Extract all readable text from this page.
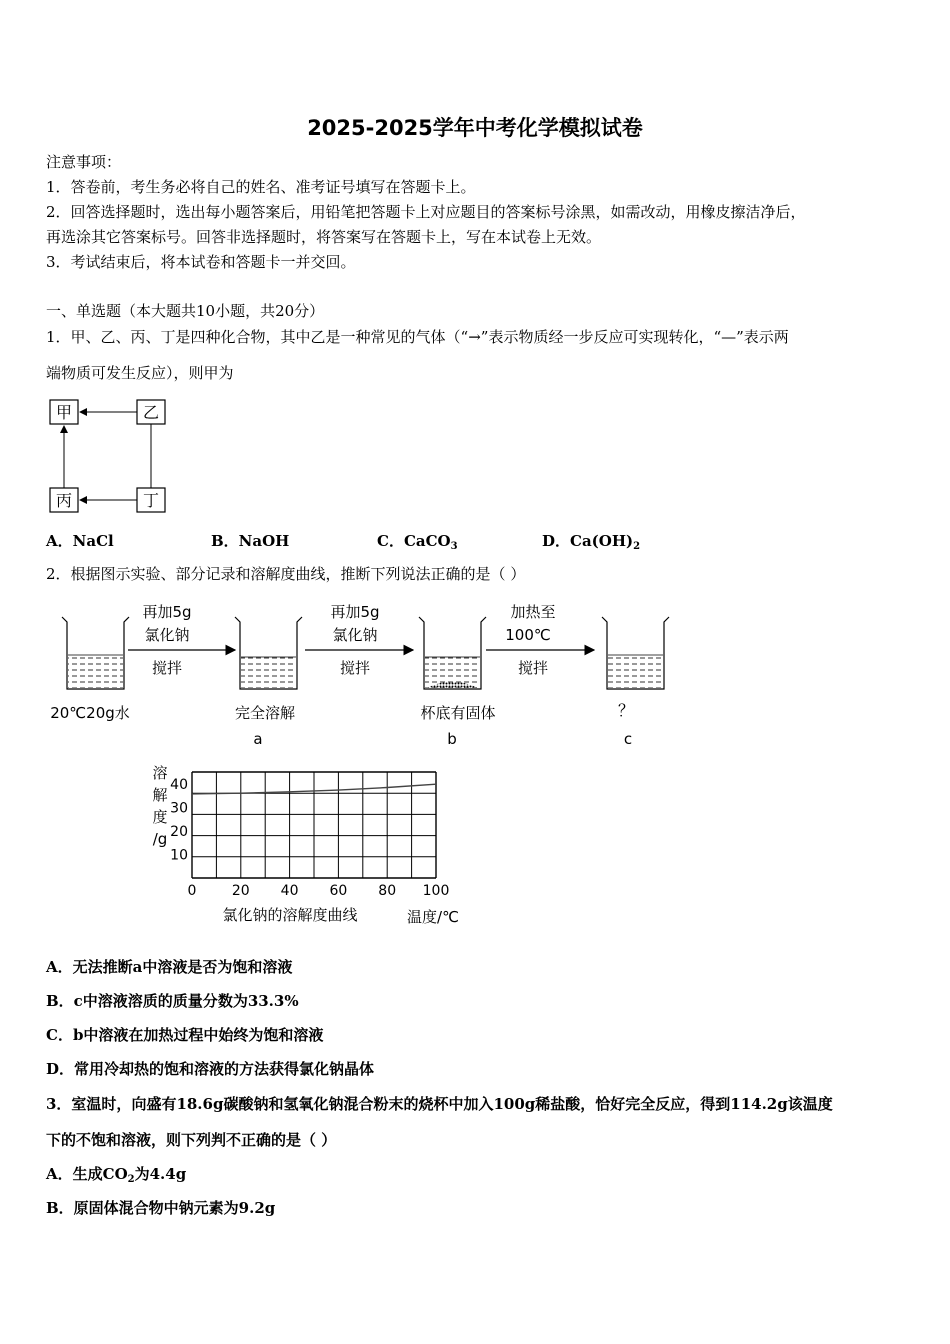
2025-2025学年中考化学模拟试卷
注意事项：
1．答卷前，考生务必将自己的姓名、准考证号填写在答题卡上。
2．回答选择题时，选出每小题答案后，用铅笔把答题卡上对应题目的答案标号涂黑，如需改动，用橡皮擦洁净后，
再选涂其它答案标号。回答非选择题时，将答案写在答题卡上，写在本试卷上无效。
3．考试结束后，将本试卷和答题卡一并交回。
一、单选题（本大题共10小题，共20分）
1．甲、乙、丙、丁是四种化合物，其中乙是一种常见的气体（“→”表示物质经一步反应可实现转化，“—”表示两
端物质可发生反应），则甲为
甲	乙
丙	丁
A．NaCl	B．NaOH	C．CaCO$_3$	D．$Ca(OH)_2$
2．根据图示实验、部分记录和溶解度曲线，推断下列说法正确的是（ ）
20℃20g水
再加5g
氯化钠
搅拌
完全溶解
a
再加5g
氯化钠
搅拌
杯底有固体
b
加热至
100℃
搅拌
？
c
10
20
30
40
0	20 40 60 80 100
溶
解
度
/g
氯化钠的溶解度曲线	温度/℃
A．无法推断a中溶液是否为饱和溶液
B．c中溶液溶质的质量分数为33.3%
C．b中溶液在加热过程中始终为饱和溶液
D．常用冷却热的饱和溶液的方法获得氯化钠晶体
3．室温时，向盛有18.6g碳酸钠和氢氧化钠混合粉末的烧杯中加入100g稀盐酸，恰好完全反应，得到114.2g该温度
下的不饱和溶液，则下列判不正确的是（ ）
A．生成$CO_2$为4.4g
B．原固体混合物中钠元素为9.2g
